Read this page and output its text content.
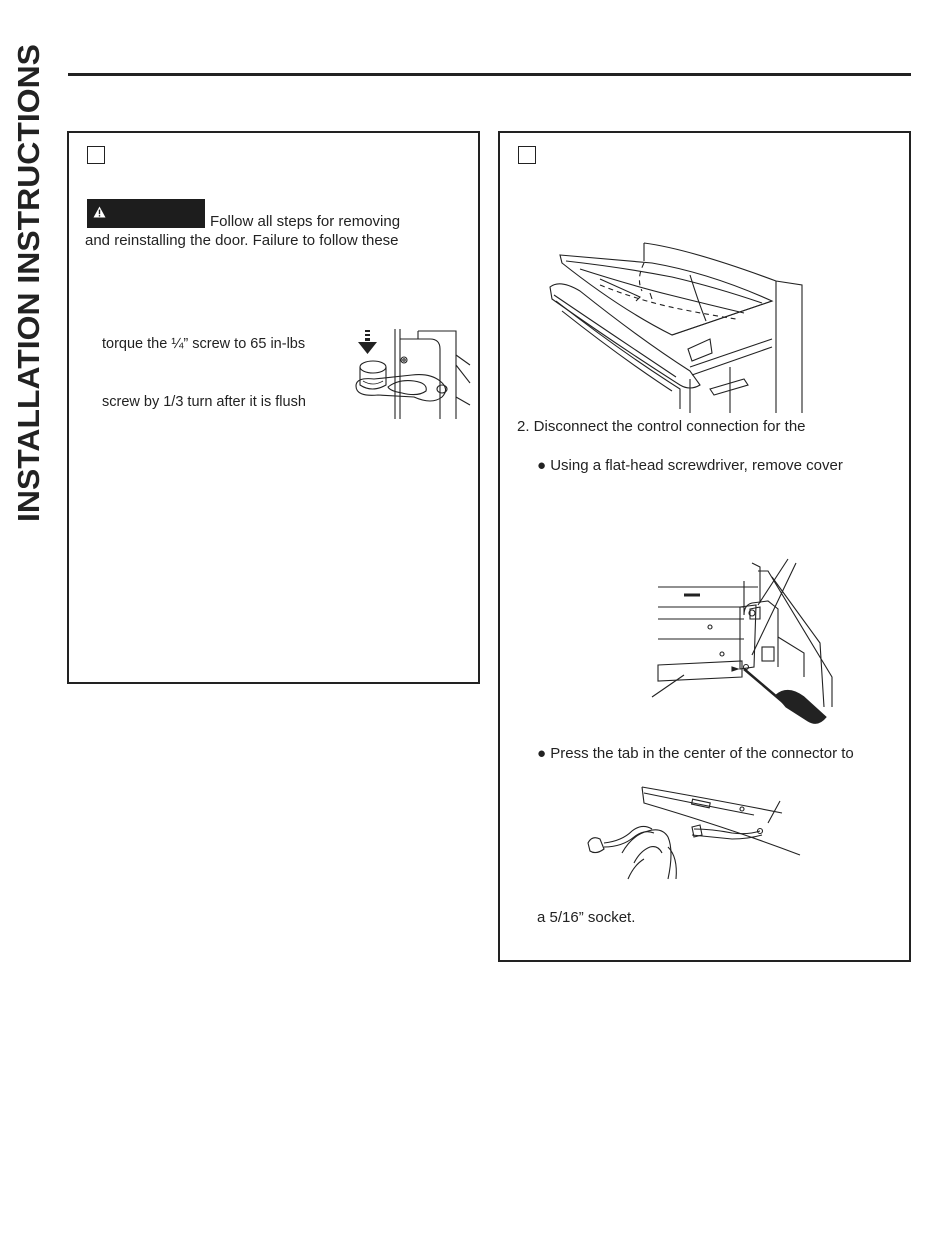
INSTALLATION INSTRUCTIONS	Follow all steps for removing
and reinstalling the door. Failure to follow these
torque the ¼” screw to 65 in-lbs
screw by 1/3 turn after it is flush
2. Disconnect the control connection for the
● Using a flat-head screwdriver, remove cover
● Press the tab in the center of the connector to
a 5/16” socket.
